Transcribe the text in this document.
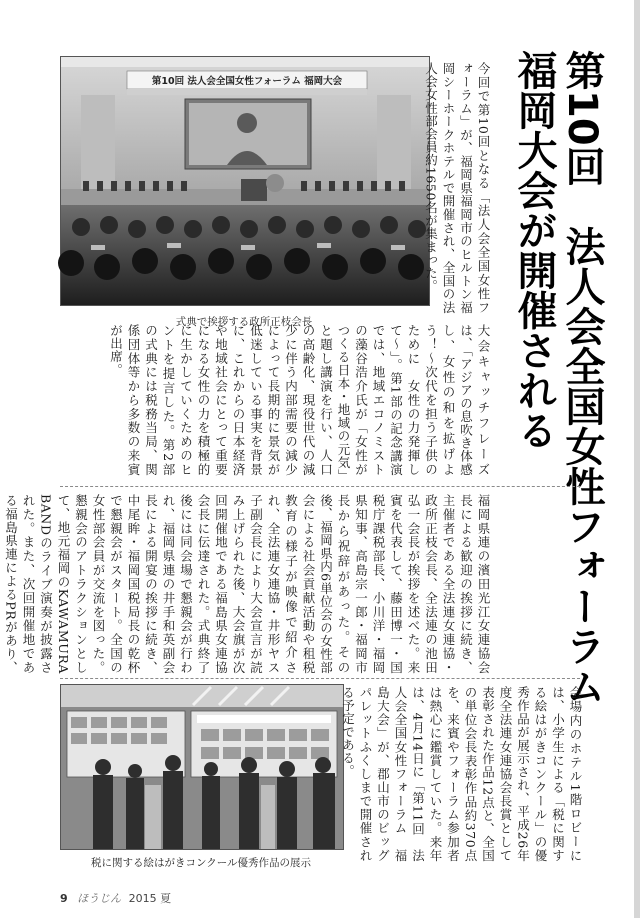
第10回　法人会全国女性フォーラム
福岡大会が開催される
第10回 法人会全国女性フォーラム 福岡大会
式典で挨拶する政所正枝会長
今回で第10回となる「法人会全国女性フォーラム」が、福岡県福岡市のヒルトン福岡シーホークホテルで開催され、全国の法人会女性部会員約1650名が集まった。
大会キャッチフレーズは、「アジアの息吹き体感し、女性の和を拡げよう！～次代を担う子供のために　女性の力発揮して～」。第1部の記念講演では、地域エコノミストの藻谷浩介氏が「女性がつくる日本・地域の元気」と題し講演を行い、人口の高齢化、現役世代の減少に伴う内部需要の減少によって長期的に景気が低迷している事実を背景に、これからの日本経済や地域社会にとって重要になる女性の力を積極的に生かしていくためのヒントを提言した。第2部の式典には税務当局、関係団体等から多数の来賓が出席。
福岡県連の濱田光江女連協会長による歓迎の挨拶に続き、主催者である全法連女連協・政所正枝会長、全法連の池田弘一会長が挨拶を述べた。来賓を代表して、藤田博一・国税庁課税部長、小川洋・福岡県知事、高島宗一郎・福岡市長から祝辞があった。その後、福岡県内6単位会の女性部会による社会貢献活動や租税教育の様子が映像で紹介され、全法連女連協・井形ヤス子副会長により大会宣言が読み上げられた後、大会旗が次回開催地である福島県女連協会長に伝達された。式典終了後には同会場で懇親会が行われ、福岡県連の井手和英副会長による開宴の挨拶に続き、中尾眸・福岡国税局長の乾杯で懇親会がスタート。全国の女性部会員が交流を図った。懇親会のアトラクションとして、地元福岡のKAWAMURA BANDのライブ演奏が披露された。また、次回開催地である福島県連によるPRがあり、
税に関する絵はがきコンクール優秀作品の展示
会場内のホテル1階ロビーには、小学生による「税に関する絵はがきコンクール」の優秀作品が展示され、平成26年度全法連女連協会長賞として表彰された作品12点と、全国の単位会長表彰作品約370点を、来賓やフォーラム参加者は熱心に鑑賞していた。来年は、4月14日に「第11回　法人会全国女性フォーラム　福島大会」が、郡山市のビッグパレットふくしまで開催される予定である。
9 ほうじん 2015 夏
